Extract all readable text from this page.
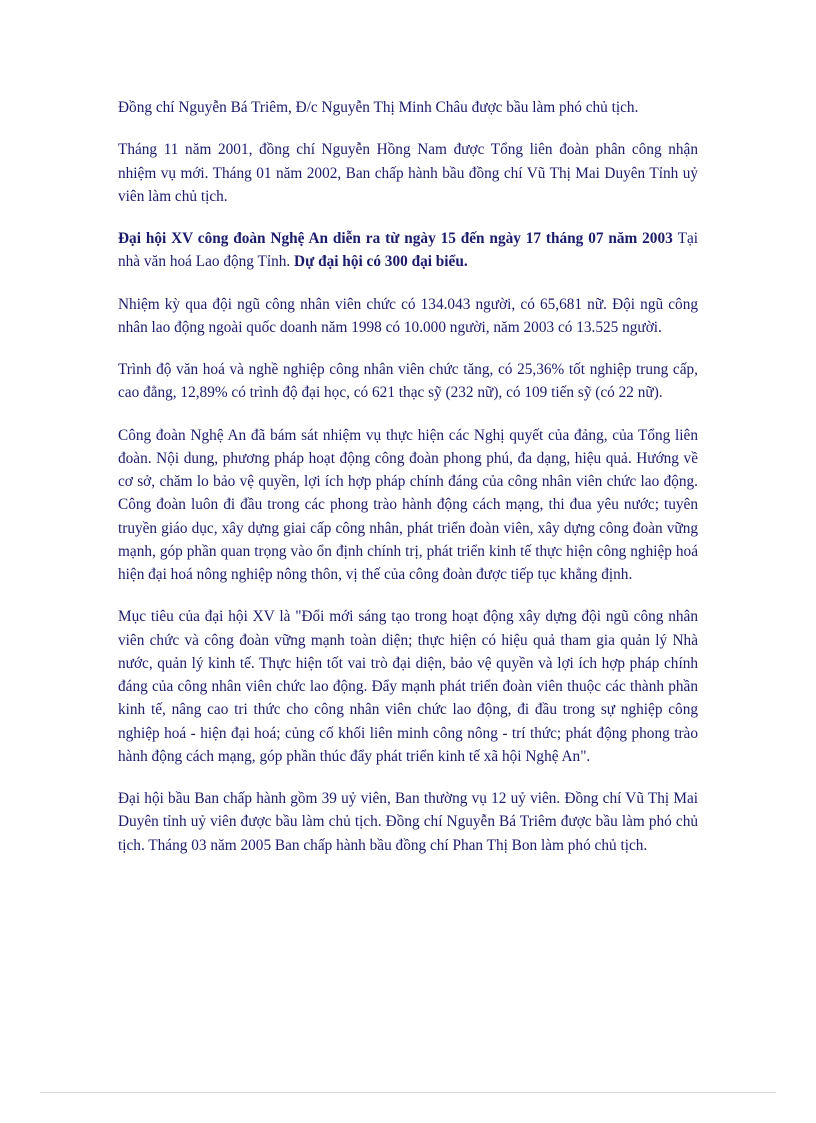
Đồng chí Nguyễn Bá Triêm, Đ/c Nguyễn Thị Minh Châu được bầu làm phó chủ tịch.

Tháng 11 năm 2001, đồng chí Nguyễn Hồng Nam được Tổng liên đoàn phân công nhận nhiệm vụ mới. Tháng 01 năm 2002, Ban chấp hành bầu đồng chí Vũ Thị Mai Duyên Tỉnh uỷ viên làm chủ tịch.

Đại hội XV công đoàn Nghệ An diễn ra từ ngày 15 đến ngày 17 tháng 07 năm 2003 Tại nhà văn hoá Lao động Tỉnh. Dự đại hội có 300 đại biểu.

Nhiệm kỳ qua đội ngũ công nhân viên chức có 134.043 người, có 65,681 nữ. Đội ngũ công nhân lao động ngoài quốc doanh năm 1998 có 10.000 người, năm 2003 có 13.525 người.

Trình độ văn hoá và nghề nghiệp công nhân viên chức tăng, có 25,36% tốt nghiệp trung cấp, cao đẳng, 12,89% có trình độ đại học, có 621 thạc sỹ (232 nữ), có 109 tiến sỹ (có 22 nữ).

Công đoàn Nghệ An đã bám sát nhiệm vụ thực hiện các Nghị quyết của đảng, của Tổng liên đoàn. Nội dung, phương pháp hoạt động công đoàn phong phú, đa dạng, hiệu quả. Hướng về cơ sở, chăm lo bảo vệ quyền, lợi ích hợp pháp chính đáng của công nhân viên chức lao động. Công đoàn luôn đi đầu trong các phong trào hành động cách mạng, thi đua yêu nước; tuyên truyền giáo dục, xây dựng giai cấp công nhân, phát triển đoàn viên, xây dựng công đoàn vững mạnh, góp phần quan trọng vào ổn định chính trị, phát triển kinh tế thực hiện công nghiệp hoá hiện đại hoá nông nghiệp nông thôn, vị thế của công đoàn được tiếp tục khẳng định.

Mục tiêu của đại hội XV là "Đổi mới sáng tạo trong hoạt động xây dựng đội ngũ công nhân viên chức và công đoàn vững mạnh toàn diện; thực hiện có hiệu quả tham gia quản lý Nhà nước, quản lý kinh tế. Thực hiện tốt vai trò đại diện, bảo vệ quyền và lợi ích hợp pháp chính đáng của công nhân viên chức lao động. Đẩy mạnh phát triển đoàn viên thuộc các thành phần kinh tế, nâng cao tri thức cho công nhân viên chức lao động, đi đầu trong sự nghiệp công nghiệp hoá - hiện đại hoá; củng cố khối liên minh công nông - trí thức; phát động phong trào hành động cách mạng, góp phần thúc đẩy phát triển kinh tế xã hội Nghệ An".

Đại hội bầu Ban chấp hành gồm 39 uỷ viên, Ban thường vụ 12 uỷ viên. Đồng chí Vũ Thị Mai Duyên tỉnh uỷ viên được bầu làm chủ tịch. Đồng chí Nguyễn Bá Triêm được bầu làm phó chủ tịch. Tháng 03 năm 2005 Ban chấp hành bầu đồng chí Phan Thị Bon làm phó chủ tịch.
